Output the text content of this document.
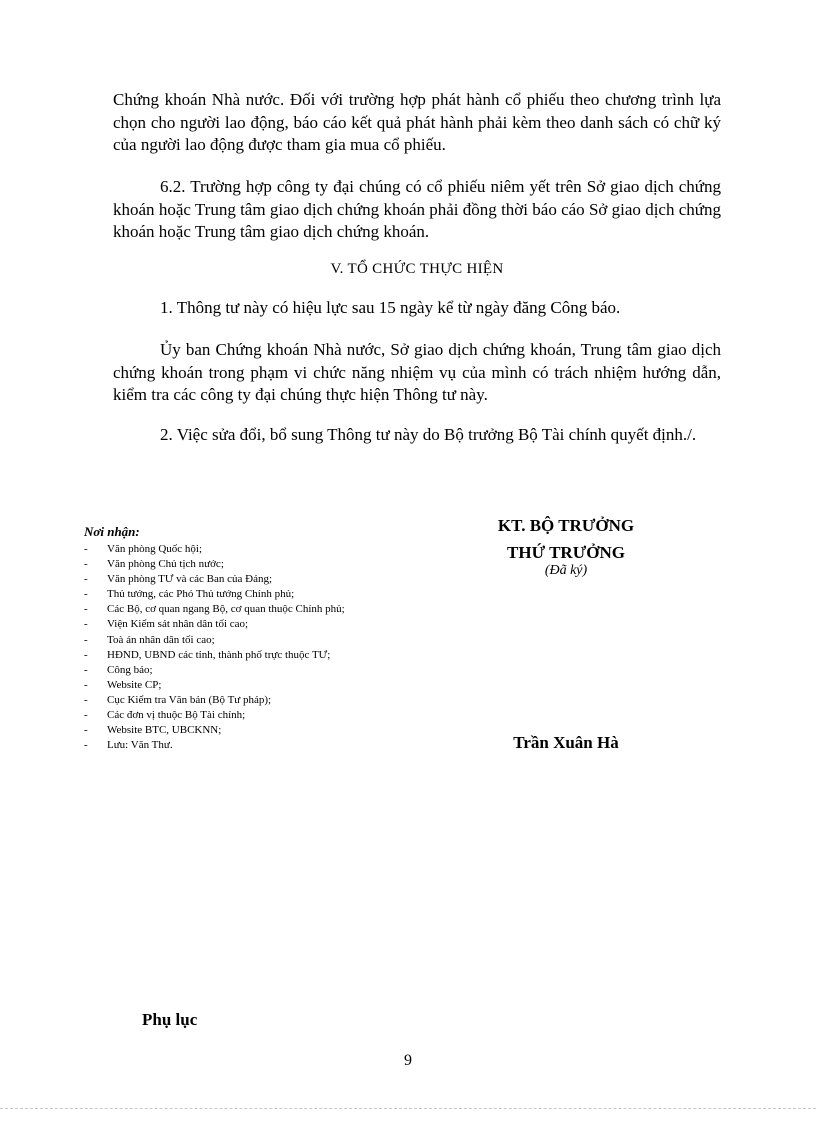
Chứng khoán Nhà nước. Đối với trường hợp phát hành cổ phiếu theo chương trình lựa chọn cho người lao động, báo cáo kết quả phát hành phải kèm theo danh sách có chữ ký của người lao động được tham gia mua cổ phiếu.

6.2. Trường hợp công ty đại chúng có cổ phiếu niêm yết trên Sở giao dịch chứng khoán hoặc Trung tâm giao dịch chứng khoán phải đồng thời báo cáo Sở giao dịch chứng khoán hoặc Trung tâm giao dịch chứng khoán.

V. TỔ CHỨC THỰC HIỆN

1. Thông tư này có hiệu lực sau 15 ngày kể từ ngày đăng Công báo.

Ủy ban Chứng khoán Nhà nước, Sở giao dịch chứng khoán, Trung tâm giao dịch chứng khoán trong phạm vi chức năng nhiệm vụ của mình có trách nhiệm hướng dẫn, kiểm tra các công ty đại chúng thực hiện Thông tư này.

2. Việc sửa đổi, bổ sung Thông tư này do Bộ trưởng Bộ Tài chính quyết định./.

Nơi nhận:
- Văn phòng Quốc hội;
- Văn phòng Chủ tịch nước;
- Văn phòng TƯ và các Ban của Đảng;
- Thủ tướng, các Phó Thủ tướng Chính phủ;
- Các Bộ, cơ quan ngang Bộ, cơ quan thuộc Chính phủ;
- Viện Kiểm sát nhân dân tối cao;
- Toà án nhân dân tối cao;
- HĐND, UBND các tỉnh, thành phố trực thuộc TƯ;
- Công báo;
- Website CP;
- Cục Kiểm tra Văn bản (Bộ Tư pháp);
- Các đơn vị thuộc Bộ Tài chính;
- Website BTC, UBCKNN;
- Lưu: Văn Thư.
KT. BỘ TRƯỞNG
THỨ TRƯỞNG
(Đã ký)
Trần Xuân Hà
Phụ lục
9
